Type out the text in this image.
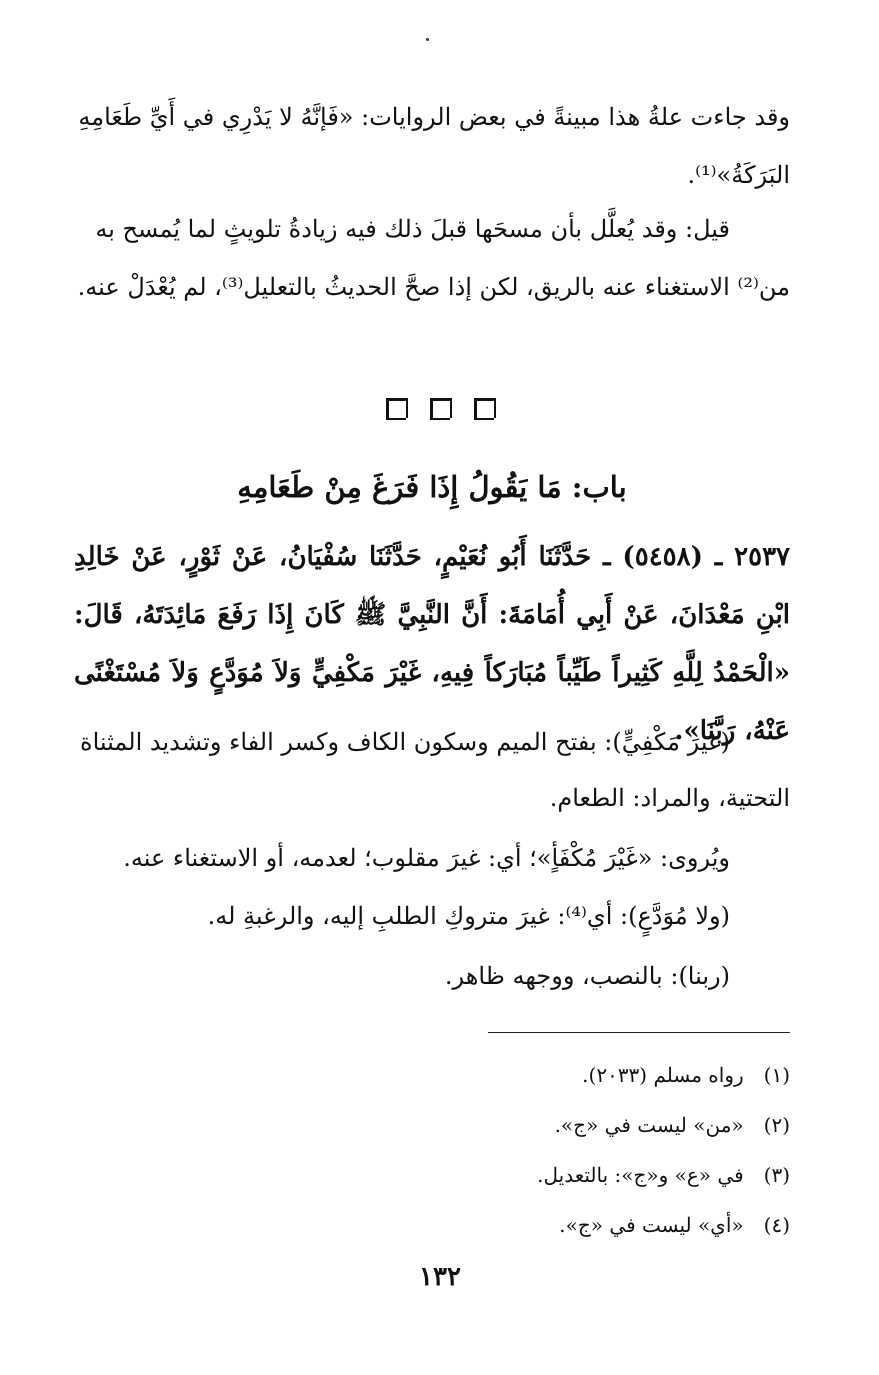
وقد جاءت علةُ هذا مبينةً في بعض الروايات: «فَإنَّهُ لا يَدْرِي في أَيِّ طَعَامِهِ البَرَكَةُ»⁽¹⁾.

قيل: وقد يُعلَّل بأن مسحَها قبلَ ذلك فيه زيادةُ تلويثٍ لما يُمسح به من⁽²⁾ الاستغناء عنه بالريق، لكن إذا صحَّ الحديثُ بالتعليل⁽³⁾، لم يُعْدَلْ عنه.

باب: مَا يَقُولُ إِذَا فَرَغَ مِنْ طَعَامِهِ

٢٥٣٧ ـ (٥٤٥٨) ـ حَدَّثَنَا أَبُو نُعَيْمٍ، حَدَّثَنَا سُفْيَانُ، عَنْ ثَوْرٍ، عَنْ خَالِدِ ابْنِ مَعْدَانَ، عَنْ أَبِي أُمَامَةَ: أَنَّ النَّبِيَّ ﷺ كَانَ إِذَا رَفَعَ مَائِدَتَهُ، قَالَ: «الْحَمْدُ لِلَّهِ كَثِيراً طَيِّباً مُبَارَكاً فِيهِ، غَيْرَ مَكْفِيٍّ وَلاَ مُوَدَّعٍ وَلاَ مُسْتَغْنًى عَنْهُ، رَبَّنَا».

(غيرَ مَكْفِيٍّ): بفتح الميم وسكون الكاف وكسر الفاء وتشديد المثناة التحتية، والمراد: الطعام.

ويُروى: «غَيْرَ مُكْفَأٍ»؛ أي: غيرَ مقلوب؛ لعدمه، أو الاستغناء عنه.

(ولا مُوَدَّعٍ): أي⁽⁴⁾: غيرَ متروكِ الطلبِ إليه، والرغبةِ له.

(ربنا): بالنصب، ووجهه ظاهر.

(١) رواه مسلم (٢٠٣٣).
(٢) «من» ليست في «ج».
(٣) في «ع» و«ج»: بالتعديل.
(٤) «أي» ليست في «ج».
١٣٢
